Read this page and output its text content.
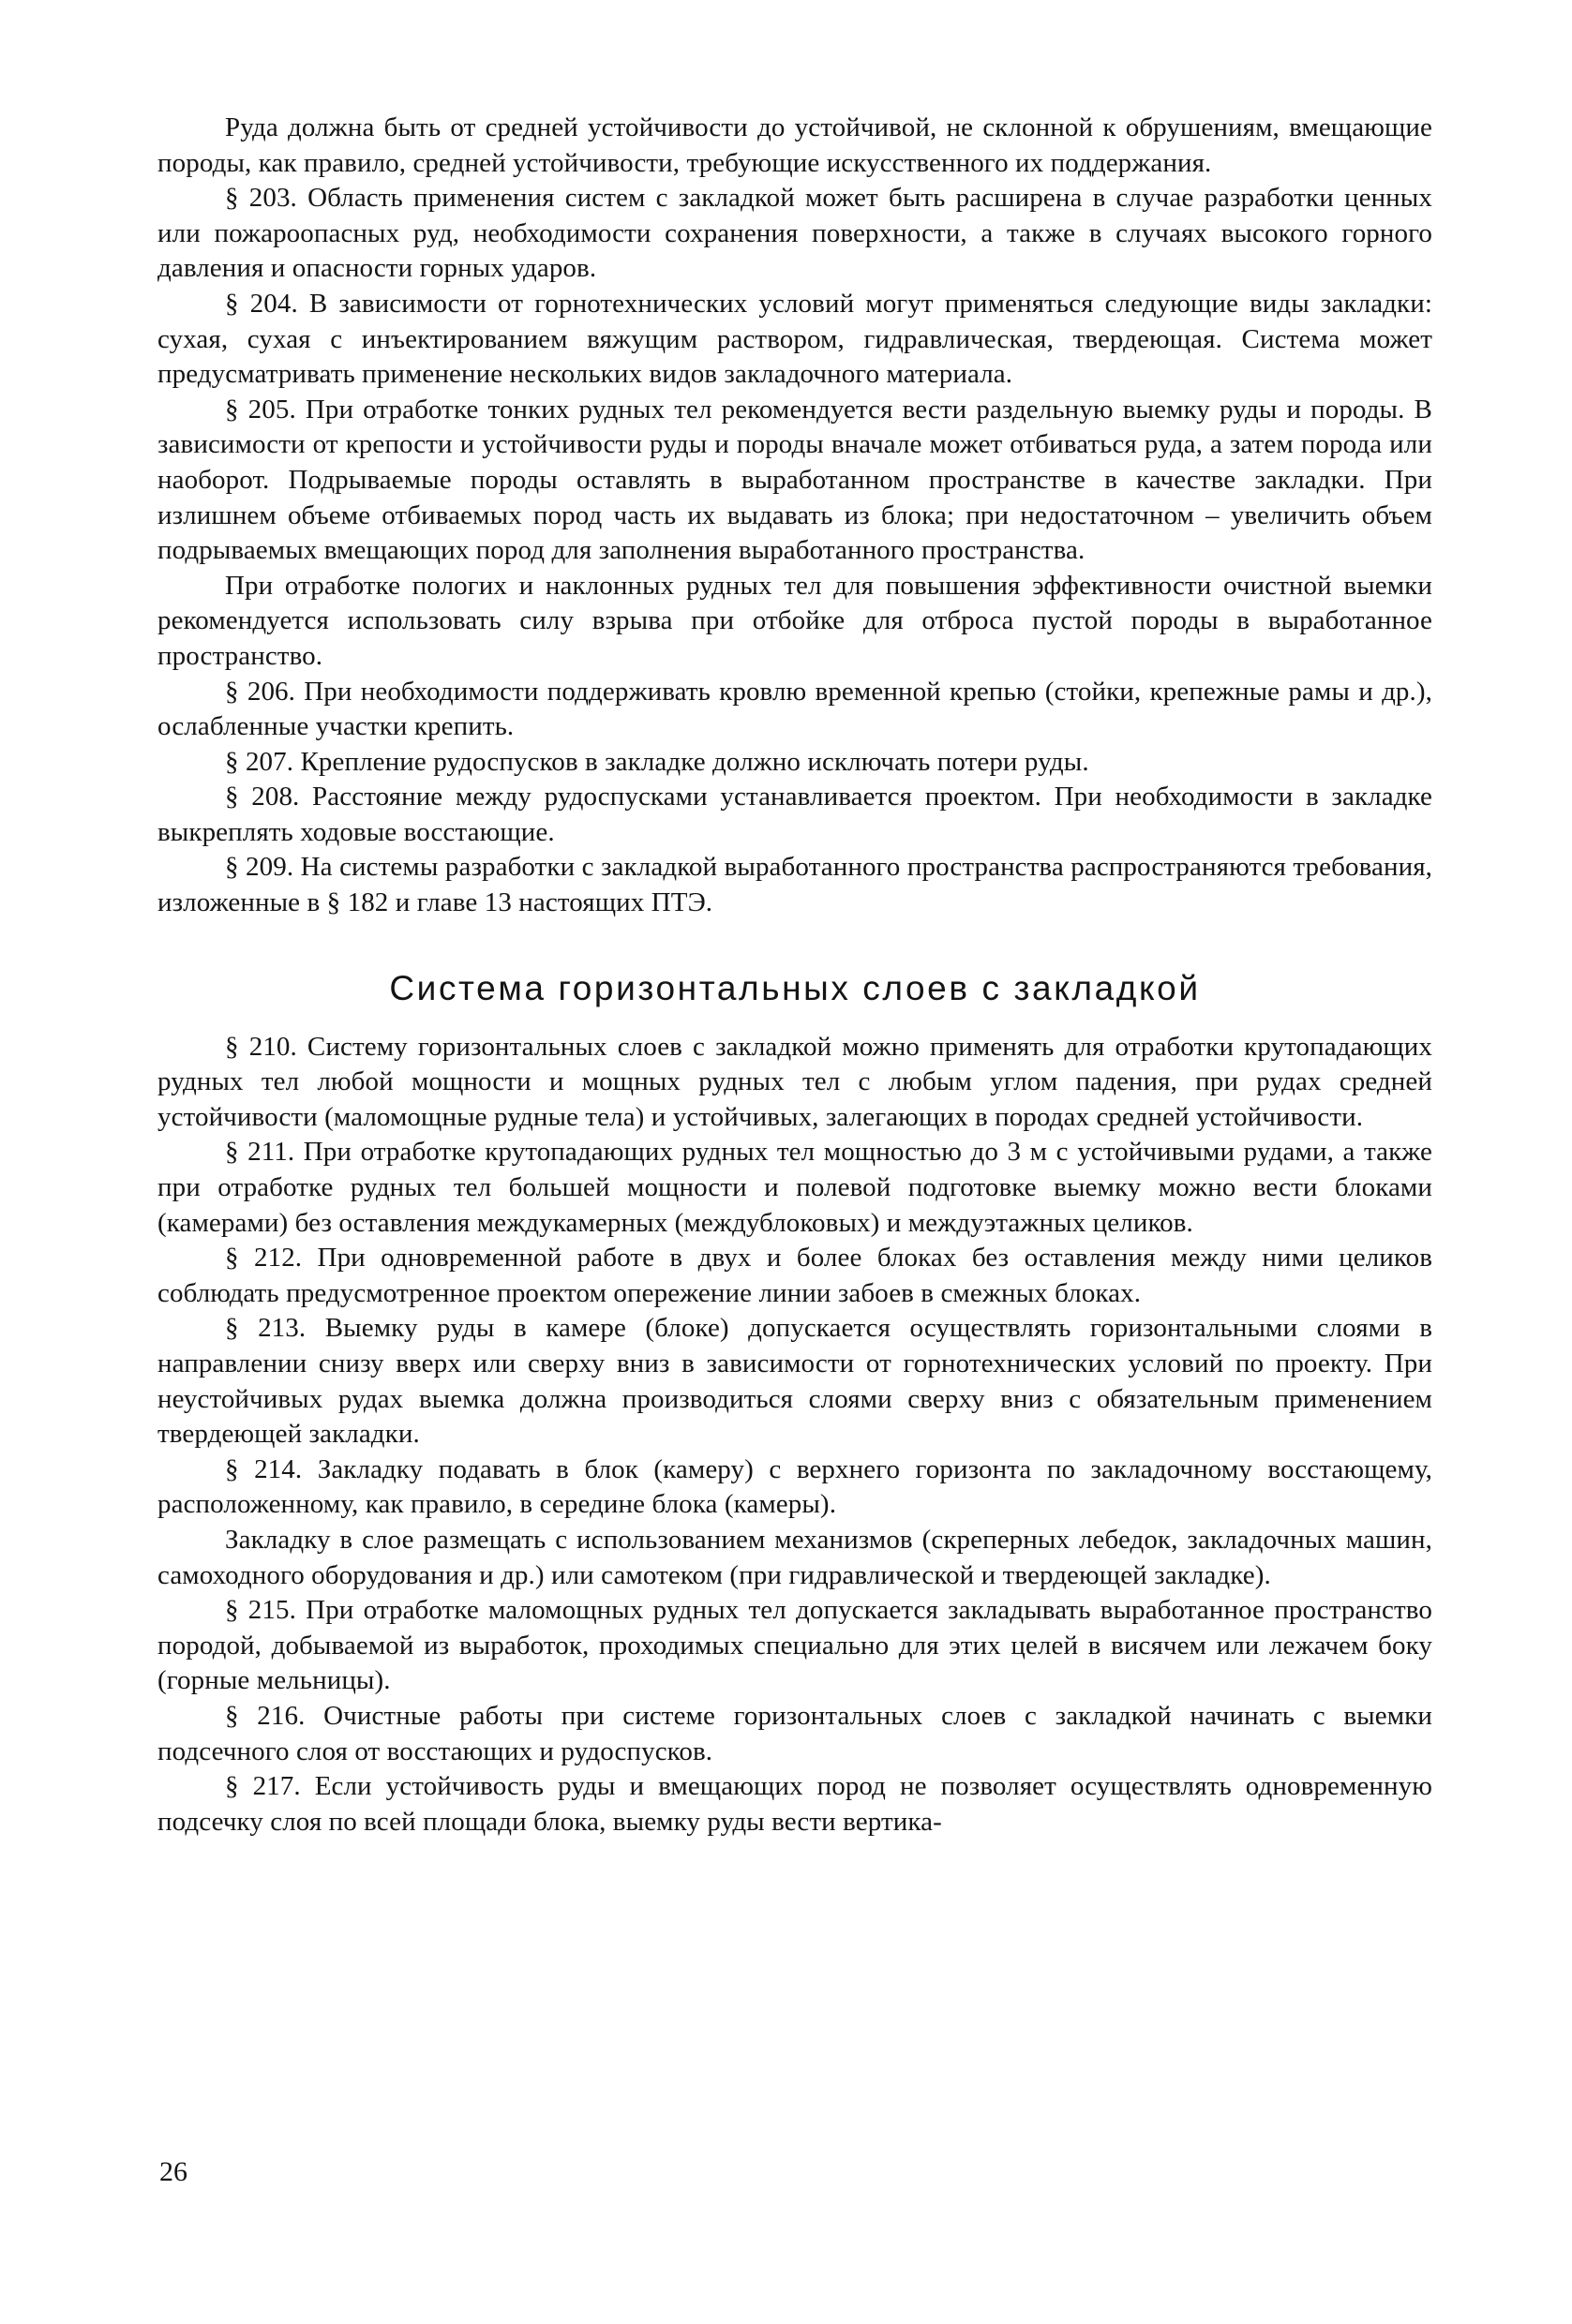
Руда должна быть от средней устойчивости до устойчивой, не склонной к обрушениям, вмещающие породы, как правило, средней устойчивости, требующие искусственного их поддержания.

§ 203. Область применения систем с закладкой может быть расширена в случае разработки ценных или пожароопасных руд, необходимости сохранения поверхности, а также в случаях высокого горного давления и опасности горных ударов.

§ 204. В зависимости от горнотехнических условий могут применяться следующие виды закладки: сухая, сухая с инъектированием вяжущим раствором, гидравлическая, твердеющая. Система может предусматривать применение нескольких видов закладочного материала.

§ 205. При отработке тонких рудных тел рекомендуется вести раздельную выемку руды и породы. В зависимости от крепости и устойчивости руды и породы вначале может отбиваться руда, а затем порода или наоборот. Подрываемые породы оставлять в выработанном пространстве в качестве закладки. При излишнем объеме отбиваемых пород часть их выдавать из блока; при недостаточном – увеличить объем подрываемых вмещающих пород для заполнения выработанного пространства.

При отработке пологих и наклонных рудных тел для повышения эффективности очистной выемки рекомендуется использовать силу взрыва при отбойке для отброса пустой породы в выработанное пространство.

§ 206. При необходимости поддерживать кровлю временной крепью (стойки, крепежные рамы и др.), ослабленные участки крепить.

§ 207. Крепление рудоспусков в закладке должно исключать потери руды.

§ 208. Расстояние между рудоспусками устанавливается проектом. При необходимости в закладке выкреплять ходовые восстающие.

§ 209. На системы разработки с закладкой выработанного пространства распространяются требования, изложенные в § 182 и главе 13 настоящих ПТЭ.

Система горизонтальных слоев с закладкой

§ 210. Систему горизонтальных слоев с закладкой можно применять для отработки крутопадающих рудных тел любой мощности и мощных рудных тел с любым углом падения, при рудах средней устойчивости (маломощные рудные тела) и устойчивых, залегающих в породах средней устойчивости.

§ 211. При отработке крутопадающих рудных тел мощностью до 3 м с устойчивыми рудами, а также при отработке рудных тел большей мощности и полевой подготовке выемку можно вести блоками (камерами) без оставления междукамерных (междублоковых) и междуэтажных целиков.

§ 212. При одновременной работе в двух и более блоках без оставления между ними целиков соблюдать предусмотренное проектом опережение линии забоев в смежных блоках.

§ 213. Выемку руды в камере (блоке) допускается осуществлять горизонтальными слоями в направлении снизу вверх или сверху вниз в зависимости от горнотехнических условий по проекту. При неустойчивых рудах выемка должна производиться слоями сверху вниз с обязательным применением твердеющей закладки.

§ 214. Закладку подавать в блок (камеру) с верхнего горизонта по закладочному восстающему, расположенному, как правило, в середине блока (камеры).

Закладку в слое размещать с использованием механизмов (скреперных лебедок, закладочных машин, самоходного оборудования и др.) или самотеком (при гидравлической и твердеющей закладке).

§ 215. При отработке маломощных рудных тел допускается закладывать выработанное пространство породой, добываемой из выработок, проходимых специально для этих целей в висячем или лежачем боку (горные мельницы).

§ 216. Очистные работы при системе горизонтальных слоев с закладкой начинать с выемки подсечного слоя от восстающих и рудоспусков.

§ 217. Если устойчивость руды и вмещающих пород не позволяет осуществлять одновременную подсечку слоя по всей площади блока, выемку руды вести вертика-

26
